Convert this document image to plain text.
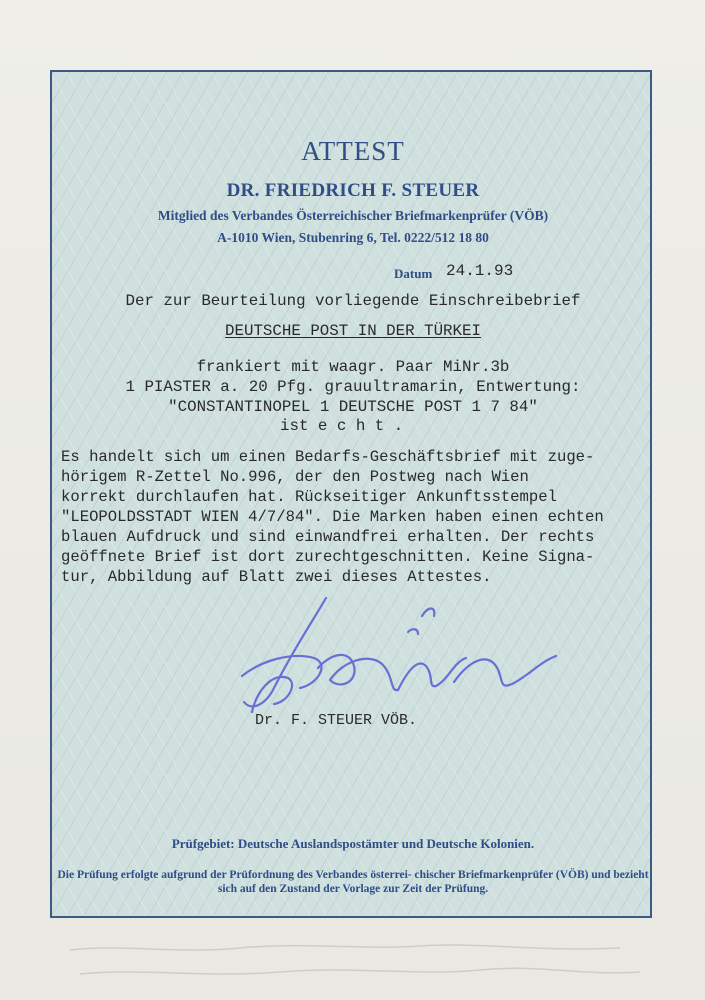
ATTEST
DR. FRIEDRICH F. STEUER
Mitglied des Verbandes Österreichischer Briefmarkenprüfer (VÖB)
A-1010 Wien, Stubenring 6, Tel. 0222/512 18 80
Datum 24.1.93
Der zur Beurteilung vorliegende Einschreibebrief
DEUTSCHE POST IN DER TÜRKEI
frankiert mit waagr. Paar MiNr.3b
1 PIASTER a. 20 Pfg. grauultramarin, Entwertung:
"CONSTANTINOPEL 1 DEUTSCHE POST 1 7 84"
ist e c h t .
Es handelt sich um einen Bedarfs-Geschäftsbrief mit zuge-
hörigem R-Zettel No.996, der den Postweg nach Wien
korrekt durchlaufen hat. Rückseitiger Ankunftsstempel
"LEOPOLDSSTADT WIEN 4/7/84". Die Marken haben einen echten
blauen Aufdruck und sind einwandfrei erhalten. Der rechts
geöffnete Brief ist dort zurechtgeschnitten. Keine Signa-
tur, Abbildung auf Blatt zwei dieses Attestes.
Dr. F. STEUER VÖB.
Prüfgebiet: Deutsche Auslandspostämter und Deutsche Kolonien.
Die Prüfung erfolgte aufgrund der Prüfordnung des Verbandes österrei- chischer Briefmarkenprüfer (VÖB) und bezieht sich auf den Zustand der Vorlage zur Zeit der Prüfung.
